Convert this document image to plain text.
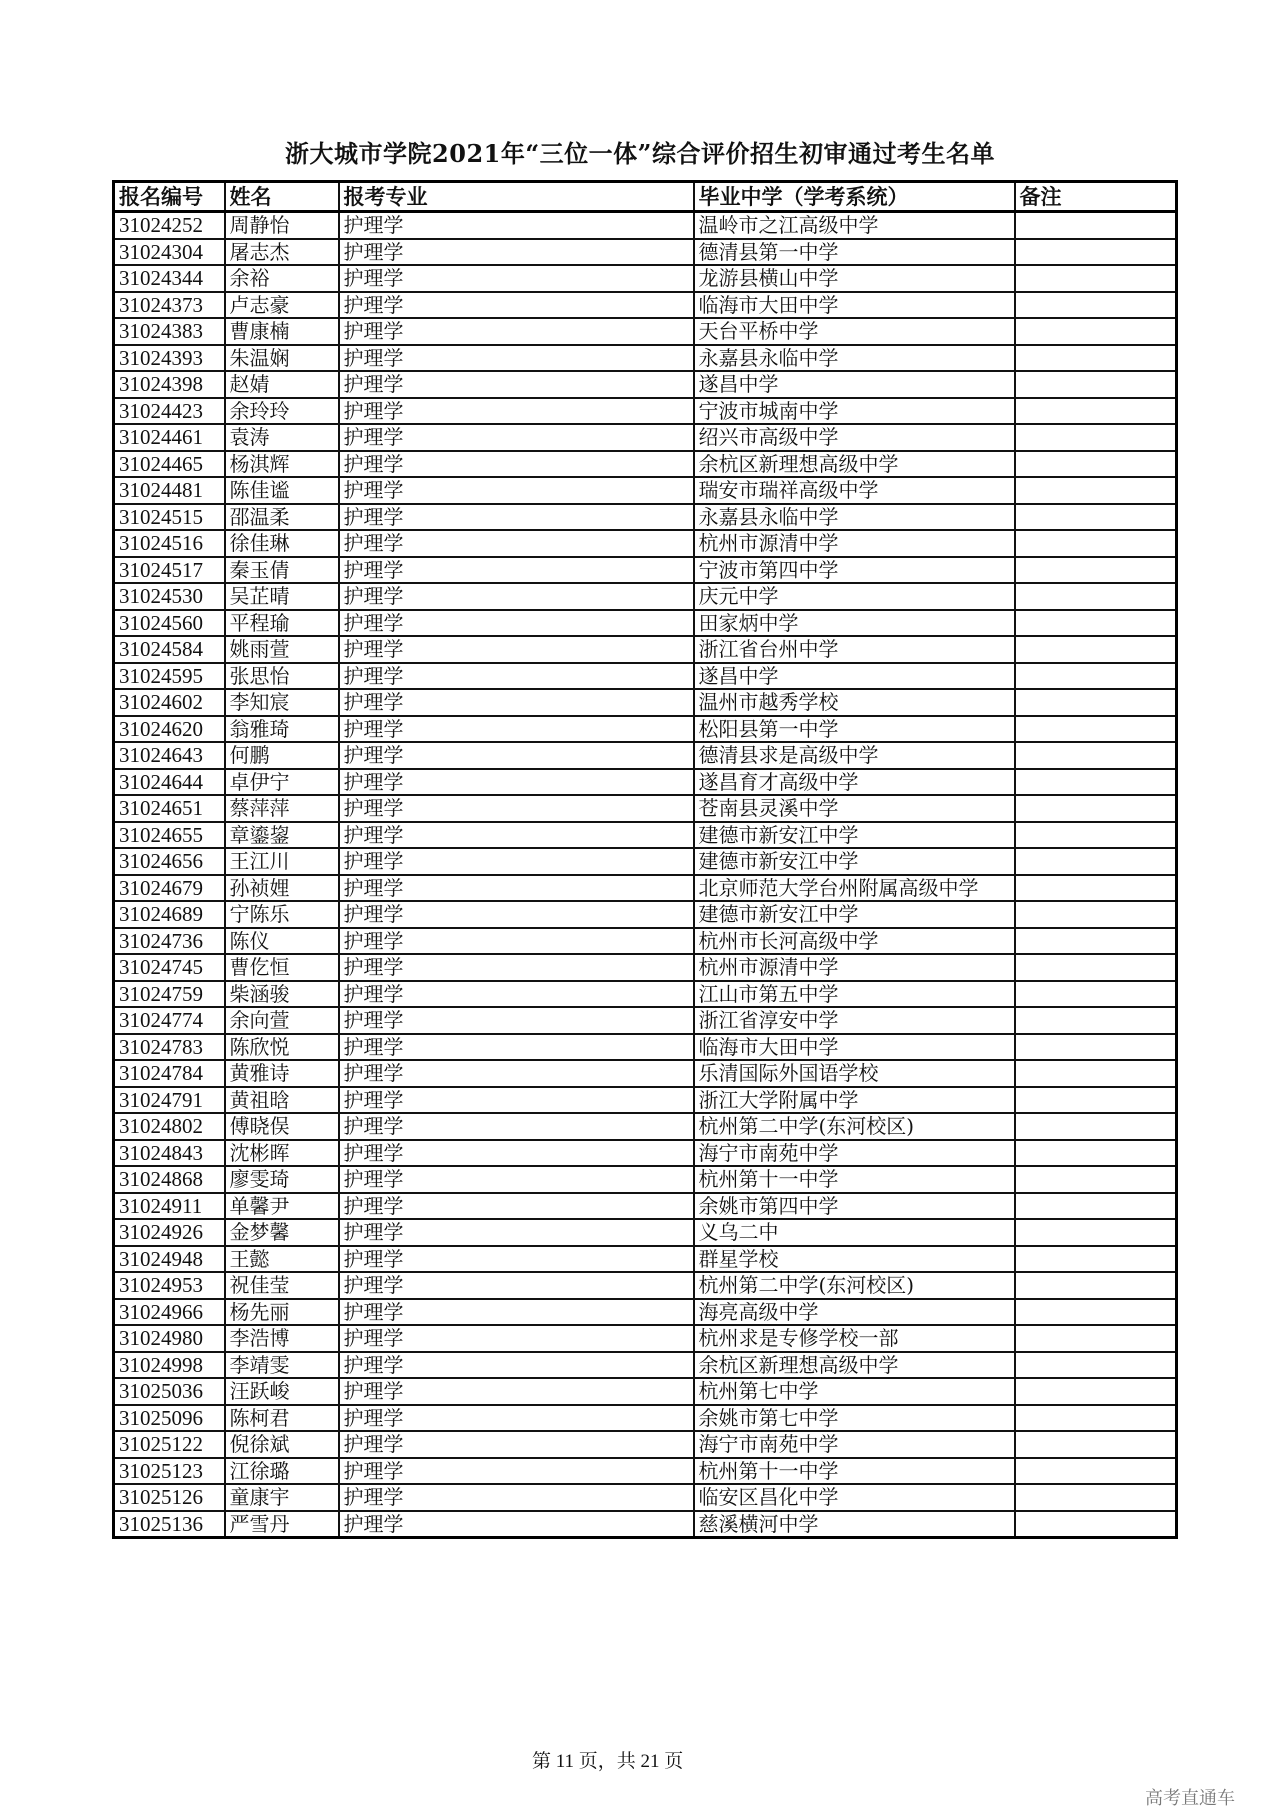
浙大城市学院2021年“三位一体”综合评价招生初审通过考生名单
报名编号	姓名	报考专业	毕业中学（学考系统）	备注
31024252	周静怡	护理学	温岭市之江高级中学	
31024304	屠志杰	护理学	德清县第一中学	
31024344	余裕	护理学	龙游县横山中学	
31024373	卢志豪	护理学	临海市大田中学	
31024383	曹康楠	护理学	天台平桥中学	
31024393	朱温娴	护理学	永嘉县永临中学	
31024398	赵婧	护理学	遂昌中学	
31024423	余玲玲	护理学	宁波市城南中学	
31024461	袁涛	护理学	绍兴市高级中学	
31024465	杨淇辉	护理学	余杭区新理想高级中学	
31024481	陈佳谧	护理学	瑞安市瑞祥高级中学	
31024515	邵温柔	护理学	永嘉县永临中学	
31024516	徐佳琳	护理学	杭州市源清中学	
31024517	秦玉倩	护理学	宁波市第四中学	
31024530	吴芷晴	护理学	庆元中学	
31024560	平程瑜	护理学	田家炳中学	
31024584	姚雨萱	护理学	浙江省台州中学	
31024595	张思怡	护理学	遂昌中学	
31024602	李知宸	护理学	温州市越秀学校	
31024620	翁雅琦	护理学	松阳县第一中学	
31024643	何鹏	护理学	德清县求是高级中学	
31024644	卓伊宁	护理学	遂昌育才高级中学	
31024651	蔡萍萍	护理学	苍南县灵溪中学	
31024655	章鎏鋆	护理学	建德市新安江中学	
31024656	王江川	护理学	建德市新安江中学	
31024679	孙祯娌	护理学	北京师范大学台州附属高级中学	
31024689	宁陈乐	护理学	建德市新安江中学	
31024736	陈仪	护理学	杭州市长河高级中学	
31024745	曹仡恒	护理学	杭州市源清中学	
31024759	柴涵骏	护理学	江山市第五中学	
31024774	余向萱	护理学	浙江省淳安中学	
31024783	陈欣悦	护理学	临海市大田中学	
31024784	黄雅诗	护理学	乐清国际外国语学校	
31024791	黄祖晗	护理学	浙江大学附属中学	
31024802	傅晓俣	护理学	杭州第二中学(东河校区)	
31024843	沈彬晖	护理学	海宁市南苑中学	
31024868	廖雯琦	护理学	杭州第十一中学	
31024911	单馨尹	护理学	余姚市第四中学	
31024926	金梦馨	护理学	义乌二中	
31024948	王懿	护理学	群星学校	
31024953	祝佳莹	护理学	杭州第二中学(东河校区)	
31024966	杨先丽	护理学	海亮高级中学	
31024980	李浩博	护理学	杭州求是专修学校一部	
31024998	李靖雯	护理学	余杭区新理想高级中学	
31025036	汪跃峻	护理学	杭州第七中学	
31025096	陈柯君	护理学	余姚市第七中学	
31025122	倪徐斌	护理学	海宁市南苑中学	
31025123	江徐璐	护理学	杭州第十一中学	
31025126	童康宇	护理学	临安区昌化中学	
31025136	严雪丹	护理学	慈溪横河中学	
第 11 页，共 21 页
高考直通车
